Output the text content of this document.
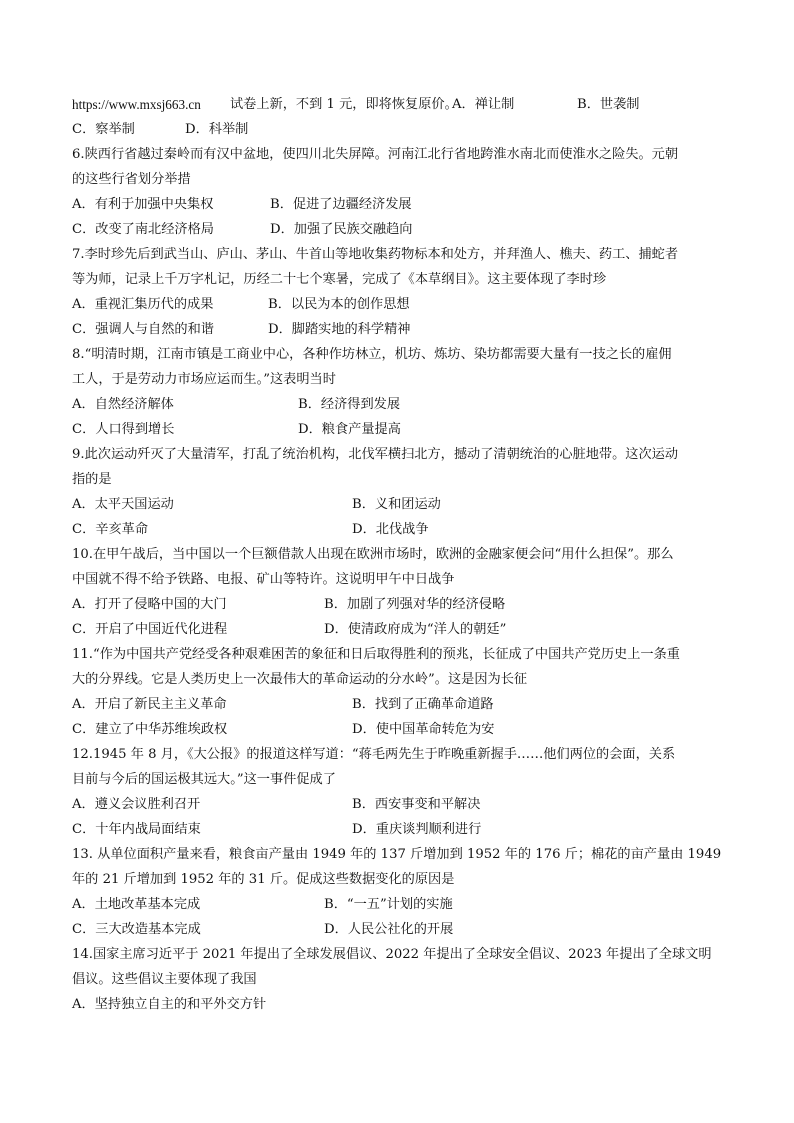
https://www.mxsj663.cn 试卷上新，不到 1 元，即将恢复原价。
A．禅让制	B．世袭制
C．察举制	D．科举制
6.陕西行省越过秦岭而有汉中盆地，使四川北失屏障。河南江北行省地跨淮水南北而使淮水之险失。元朝
的这些行省划分举措
A．有利于加强中央集权	B．促进了边疆经济发展
C．改变了南北经济格局	D．加强了民族交融趋向
7.李时珍先后到武当山、庐山、茅山、牛首山等地收集药物标本和处方，并拜渔人、樵夫、药工、捕蛇者
等为师，记录上千万字札记，历经二十七个寒暑，完成了《本草纲目》。这主要体现了李时珍
A．重视汇集历代的成果	B．以民为本的创作思想
C．强调人与自然的和谐	D．脚踏实地的科学精神
8.“明清时期，江南市镇是工商业中心，各种作坊林立，机坊、炼坊、染坊都需要大量有一技之长的雇佣
工人，于是劳动力市场应运而生。”这表明当时
A．自然经济解体	B．经济得到发展
C．人口得到增长	D．粮食产量提高
9.此次运动歼灭了大量清军，打乱了统治机构，北伐军横扫北方，撼动了清朝统治的心脏地带。这次运动
指的是
A．太平天国运动	B．义和团运动
C．辛亥革命	D．北伐战争
10.在甲午战后，当中国以一个巨额借款人出现在欧洲市场时，欧洲的金融家便会问“用什么担保”。那么
中国就不得不给予铁路、电报、矿山等特许。这说明甲午中日战争
A．打开了侵略中国的大门	B．加剧了列强对华的经济侵略
C．开启了中国近代化进程	D．使清政府成为“洋人的朝廷”
11.“作为中国共产党经受各种艰难困苦的象征和日后取得胜利的预兆，长征成了中国共产党历史上一条重
大的分界线。它是人类历史上一次最伟大的革命运动的分水岭”。这是因为长征
A．开启了新民主主义革命	B．找到了正确革命道路
C．建立了中华苏维埃政权	D．使中国革命转危为安
12.1945 年 8 月，《大公报》的报道这样写道：“蒋毛两先生于昨晚重新握手……他们两位的会面，关系
目前与今后的国运极其远大。”这一事件促成了
A．遵义会议胜利召开	B．西安事变和平解决
C．十年内战局面结束	D．重庆谈判顺利进行
13. 从单位面积产量来看，粮食亩产量由 1949 年的 137 斤增加到 1952 年的 176 斤；棉花的亩产量由 1949
年的 21 斤增加到 1952 年的 31 斤。促成这些数据变化的原因是
A．土地改革基本完成	B．“一五”计划的实施
C．三大改造基本完成	D．人民公社化的开展
14.国家主席习近平于 2021 年提出了全球发展倡议、2022 年提出了全球安全倡议、2023 年提出了全球文明
倡议。这些倡议主要体现了我国
A．坚持独立自主的和平外交方针
